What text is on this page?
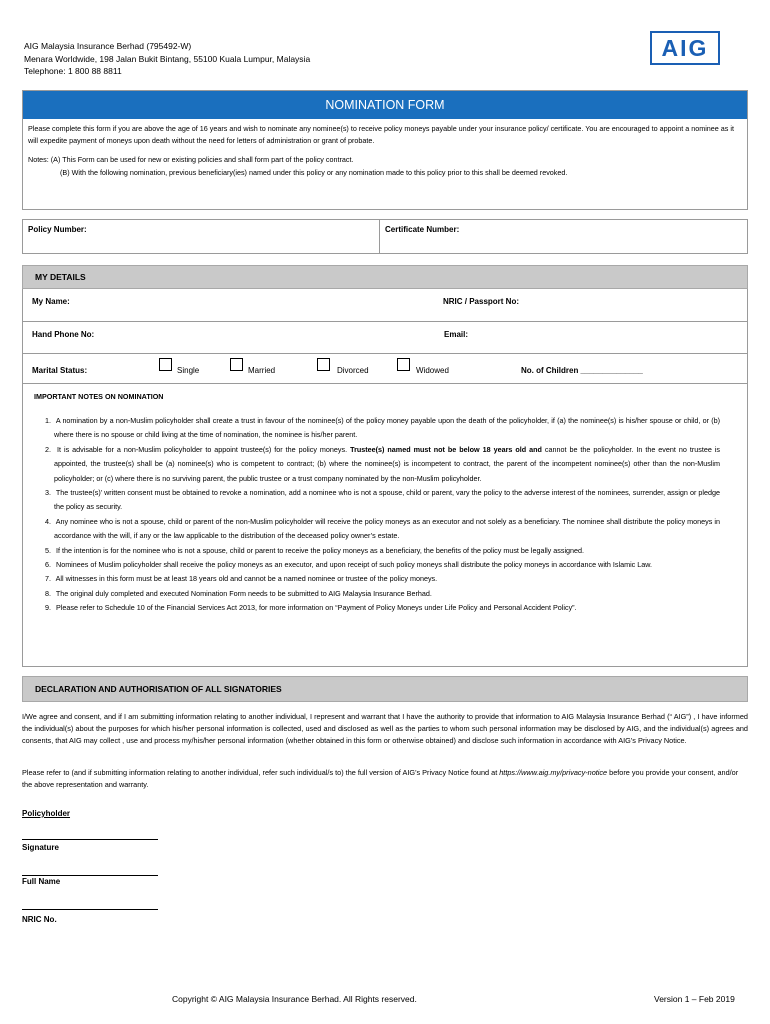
AIG Malaysia Insurance Berhad (795492-W)
Menara Worldwide, 198 Jalan Bukit Bintang, 55100 Kuala Lumpur, Malaysia
Telephone: 1 800 88 8811
AIG
NOMINATION FORM
Please complete this form if you are above the age of 16 years and wish to nominate any nominee(s) to receive policy moneys payable under your insurance policy/ certificate. You are encouraged to appoint a nominee as it will expedite payment of moneys upon death without the need for letters of administration or grant of probate.
Notes: (A) This Form can be used for new or existing policies and shall form part of the policy contract.
(B) With the following nomination, previous beneficiary(ies) named under this policy or any nomination made to this policy prior to this shall be deemed revoked.
Policy Number:	Certificate Number:
MY DETAILS
My Name:	NRIC / Passport No:
Hand Phone No:	Email:
Marital Status:	Single	Married	Divorced	Widowed	No. of Children ______________
IMPORTANT NOTES ON NOMINATION
1. A nomination by a non-Muslim policyholder shall create a trust in favour of the nominee(s) of the policy money payable upon the death of the policyholder, if (a) the nominee(s) is his/her spouse or child, or (b) where there is no spouse or child living at the time of nomination, the nominee is his/her parent.
2. It is advisable for a non-Muslim policyholder to appoint trustee(s) for the policy moneys. Trustee(s) named must not be below 18 years old and cannot be the policyholder. In the event no trustee is appointed, the trustee(s) shall be (a) nominee(s) who is competent to contract; (b) where the nominee(s) is incompetent to contract, the parent of the incompetent nominee(s) other than the non-Muslim policyholder; or (c) where there is no surviving parent, the public trustee or a trust company nominated by the non-Muslim policyholder.
3. The trustee(s)’ written consent must be obtained to revoke a nomination, add a nominee who is not a spouse, child or parent, vary the policy to the adverse interest of the nominees, surrender, assign or pledge the policy as security.
4. Any nominee who is not a spouse, child or parent of the non-Muslim policyholder will receive the policy moneys as an executor and not solely as a beneficiary. The nominee shall distribute the policy moneys in accordance with the will, if any or the law applicable to the distribution of the deceased policy owner’s estate.
5. If the intention is for the nominee who is not a spouse, child or parent to receive the policy moneys as a beneficiary, the benefits of the policy must be legally assigned.
6. Nominees of Muslim policyholder shall receive the policy moneys as an executor, and upon receipt of such policy moneys shall distribute the policy moneys in accordance with Islamic Law.
7. All witnesses in this form must be at least 18 years old and cannot be a named nominee or trustee of the policy moneys.
8. The original duly completed and executed Nomination Form needs to be submitted to AIG Malaysia Insurance Berhad.
9. Please refer to Schedule 10 of the Financial Services Act 2013, for more information on “Payment of Policy Moneys under Life Policy and Personal Accident Policy”.
DECLARATION AND AUTHORISATION OF ALL SIGNATORIES
I/We agree and consent, and if I am submitting information relating to another individual, I represent and warrant that I have the authority to provide that information to AIG Malaysia Insurance Berhad (“ AIG”) , I have informed the individual(s) about the purposes for which his/her personal information is collected, used and disclosed as well as the parties to whom such personal information may be disclosed by AIG, and the individual(s) agrees and consents, that AIG may collect , use and process my/his/her personal information (whether obtained in this form or otherwise obtained) and disclose such information in accordance with AIG’s Privacy Notice.
Please refer to (and if submitting information relating to another individual, refer such individual/s to) the full version of AIG’s Privacy Notice found at https://www.aig.my/privacy-notice before you provide your consent, and/or the above representation and warranty.
Policyholder
Signature
Full Name
NRIC No.
Copyright © AIG Malaysia Insurance Berhad. All Rights reserved.	Version 1 – Feb 2019
